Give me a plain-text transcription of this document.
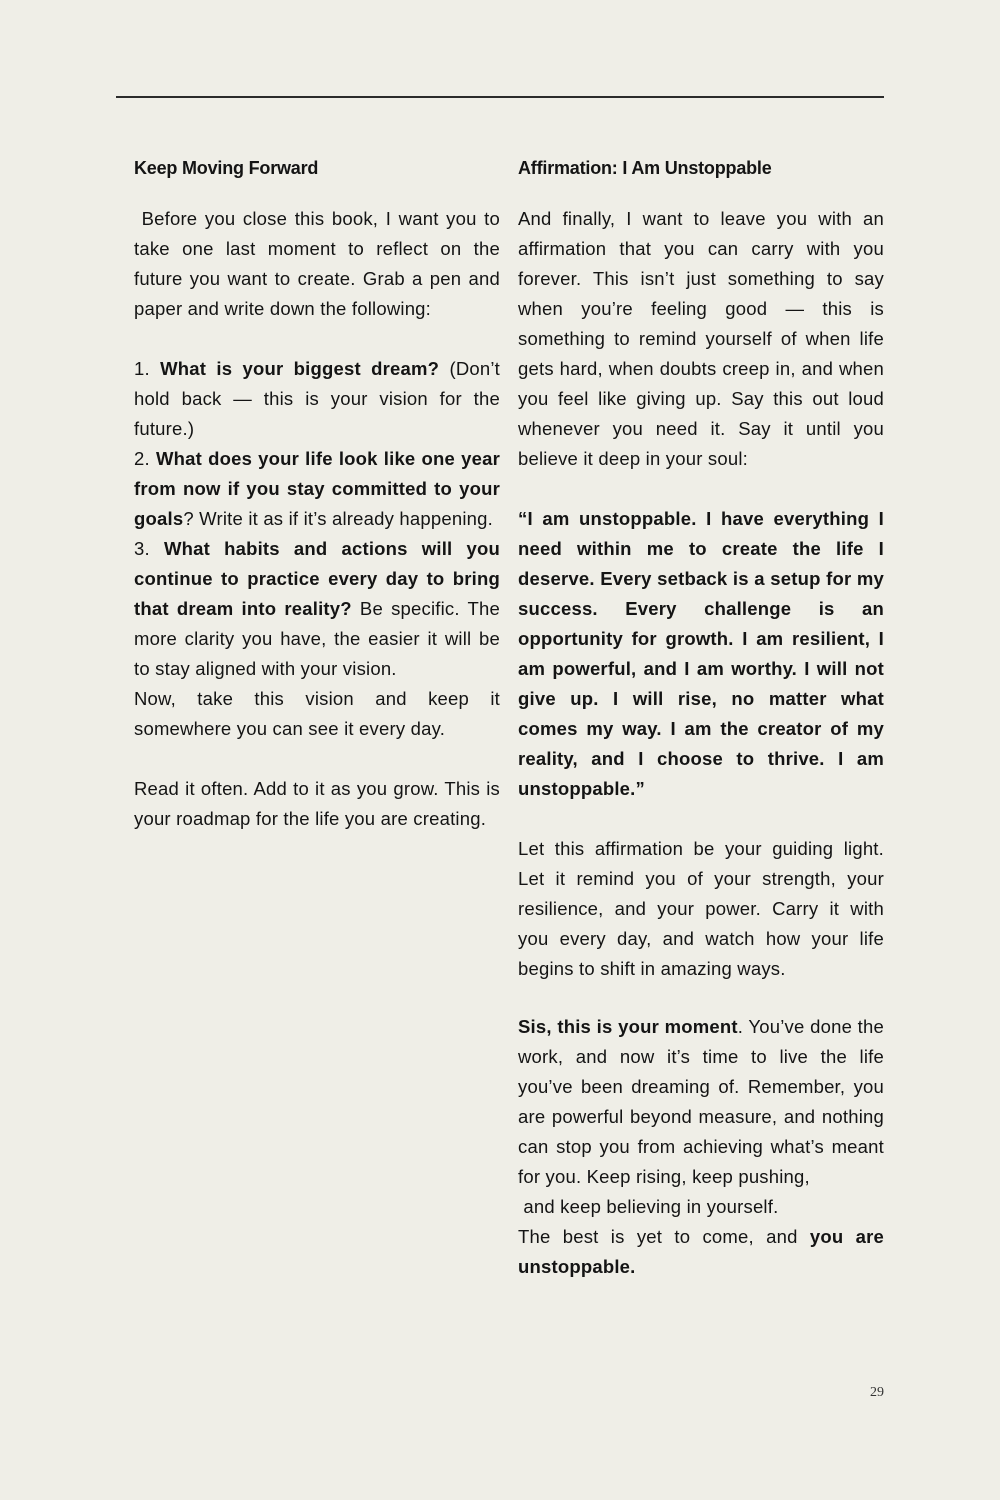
Keep Moving Forward

Before you close this book, I want you to take one last moment to reflect on the future you want to create. Grab a pen and paper and write down the following:

1. What is your biggest dream? (Don’t hold back — this is your vision for the future.)

2. What does your life look like one year from now if you stay committed to your goals? Write it as if it’s already happening.

3. What habits and actions will you continue to practice every day to bring that dream into reality? Be specific. The more clarity you have, the easier it will be to stay aligned with your vision.

Now, take this vision and keep it somewhere you can see it every day.

Read it often. Add to it as you grow. This is your roadmap for the life you are creating.

Affirmation: I Am Unstoppable

And finally, I want to leave you with an affirmation that you can carry with you forever. This isn’t just something to say when you’re feeling good — this is something to remind yourself of when life gets hard, when doubts creep in, and when you feel like giving up. Say this out loud whenever you need it. Say it until you believe it deep in your soul:

“I am unstoppable. I have everything I need within me to create the life I deserve. Every setback is a setup for my success. Every challenge is an opportunity for growth. I am resilient, I am powerful, and I am worthy. I will not give up. I will rise, no matter what comes my way. I am the creator of my reality, and I choose to thrive. I am unstoppable.”

Let this affirmation be your guiding light. Let it remind you of your strength, your resilience, and your power. Carry it with you every day, and watch how your life begins to shift in amazing ways.

Sis, this is your moment. You’ve done the work, and now it’s time to live the life you’ve been dreaming of. Remember, you are powerful beyond measure, and nothing can stop you from achieving what’s meant for you. Keep rising, keep pushing,

and keep believing in yourself.

The best is yet to come, and you are unstoppable.

29
